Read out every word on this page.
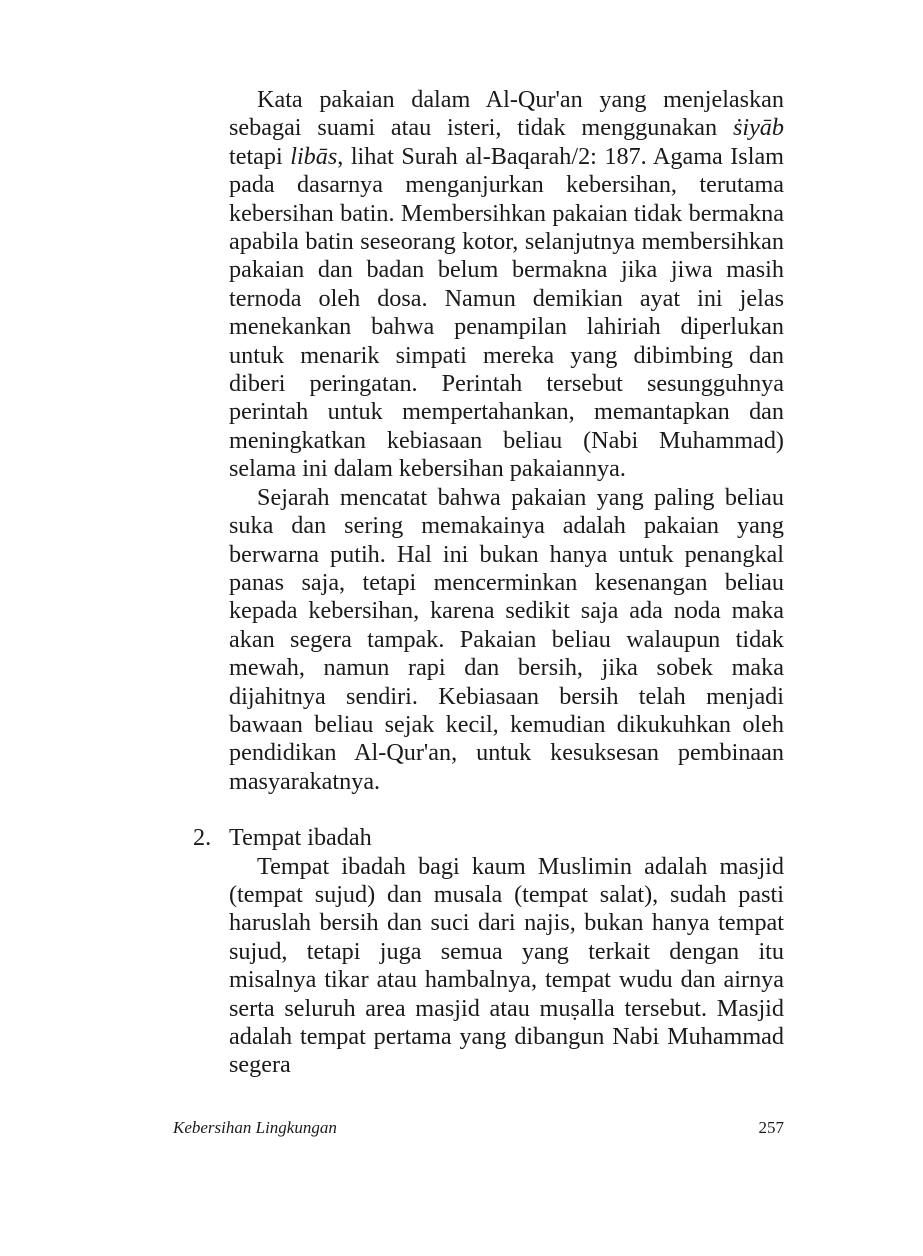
Kata pakaian dalam Al-Qur'an yang menjelaskan sebagai suami atau isteri, tidak menggunakan ṡiyāb tetapi libās, lihat Surah al-Baqarah/2: 187. Agama Islam pada dasarnya menganjurkan kebersihan, terutama kebersihan batin. Membersihkan pakaian tidak bermakna apabila batin seseorang kotor, selanjutnya membersihkan pakaian dan badan belum bermakna jika jiwa masih ternoda oleh dosa. Namun demikian ayat ini jelas menekankan bahwa penampilan lahiriah diperlukan untuk menarik simpati mereka yang dibimbing dan diberi peringatan. Perintah tersebut sesungguhnya perintah untuk mempertahankan, memantapkan dan meningkatkan kebiasaan beliau (Nabi Muhammad) selama ini dalam kebersihan pakaiannya.

Sejarah mencatat bahwa pakaian yang paling beliau suka dan sering memakainya adalah pakaian yang berwarna putih. Hal ini bukan hanya untuk penangkal panas saja, tetapi mencerminkan kesenangan beliau kepada kebersihan, karena sedikit saja ada noda maka akan segera tampak. Pakaian beliau walaupun tidak mewah, namun rapi dan bersih, jika sobek maka dijahitnya sendiri. Kebiasaan bersih telah menjadi bawaan beliau sejak kecil, kemudian dikukuhkan oleh pendidikan Al-Qur'an, untuk kesuksesan pembinaan masyarakatnya.

2. Tempat ibadah

Tempat ibadah bagi kaum Muslimin adalah masjid (tempat sujud) dan musala (tempat salat), sudah pasti haruslah bersih dan suci dari najis, bukan hanya tempat sujud, tetapi juga semua yang terkait dengan itu misalnya tikar atau hambalnya, tempat wudu dan airnya serta seluruh area masjid atau muṣalla tersebut. Masjid adalah tempat pertama yang dibangun Nabi Muhammad segera

Kebersihan Lingkungan	257
